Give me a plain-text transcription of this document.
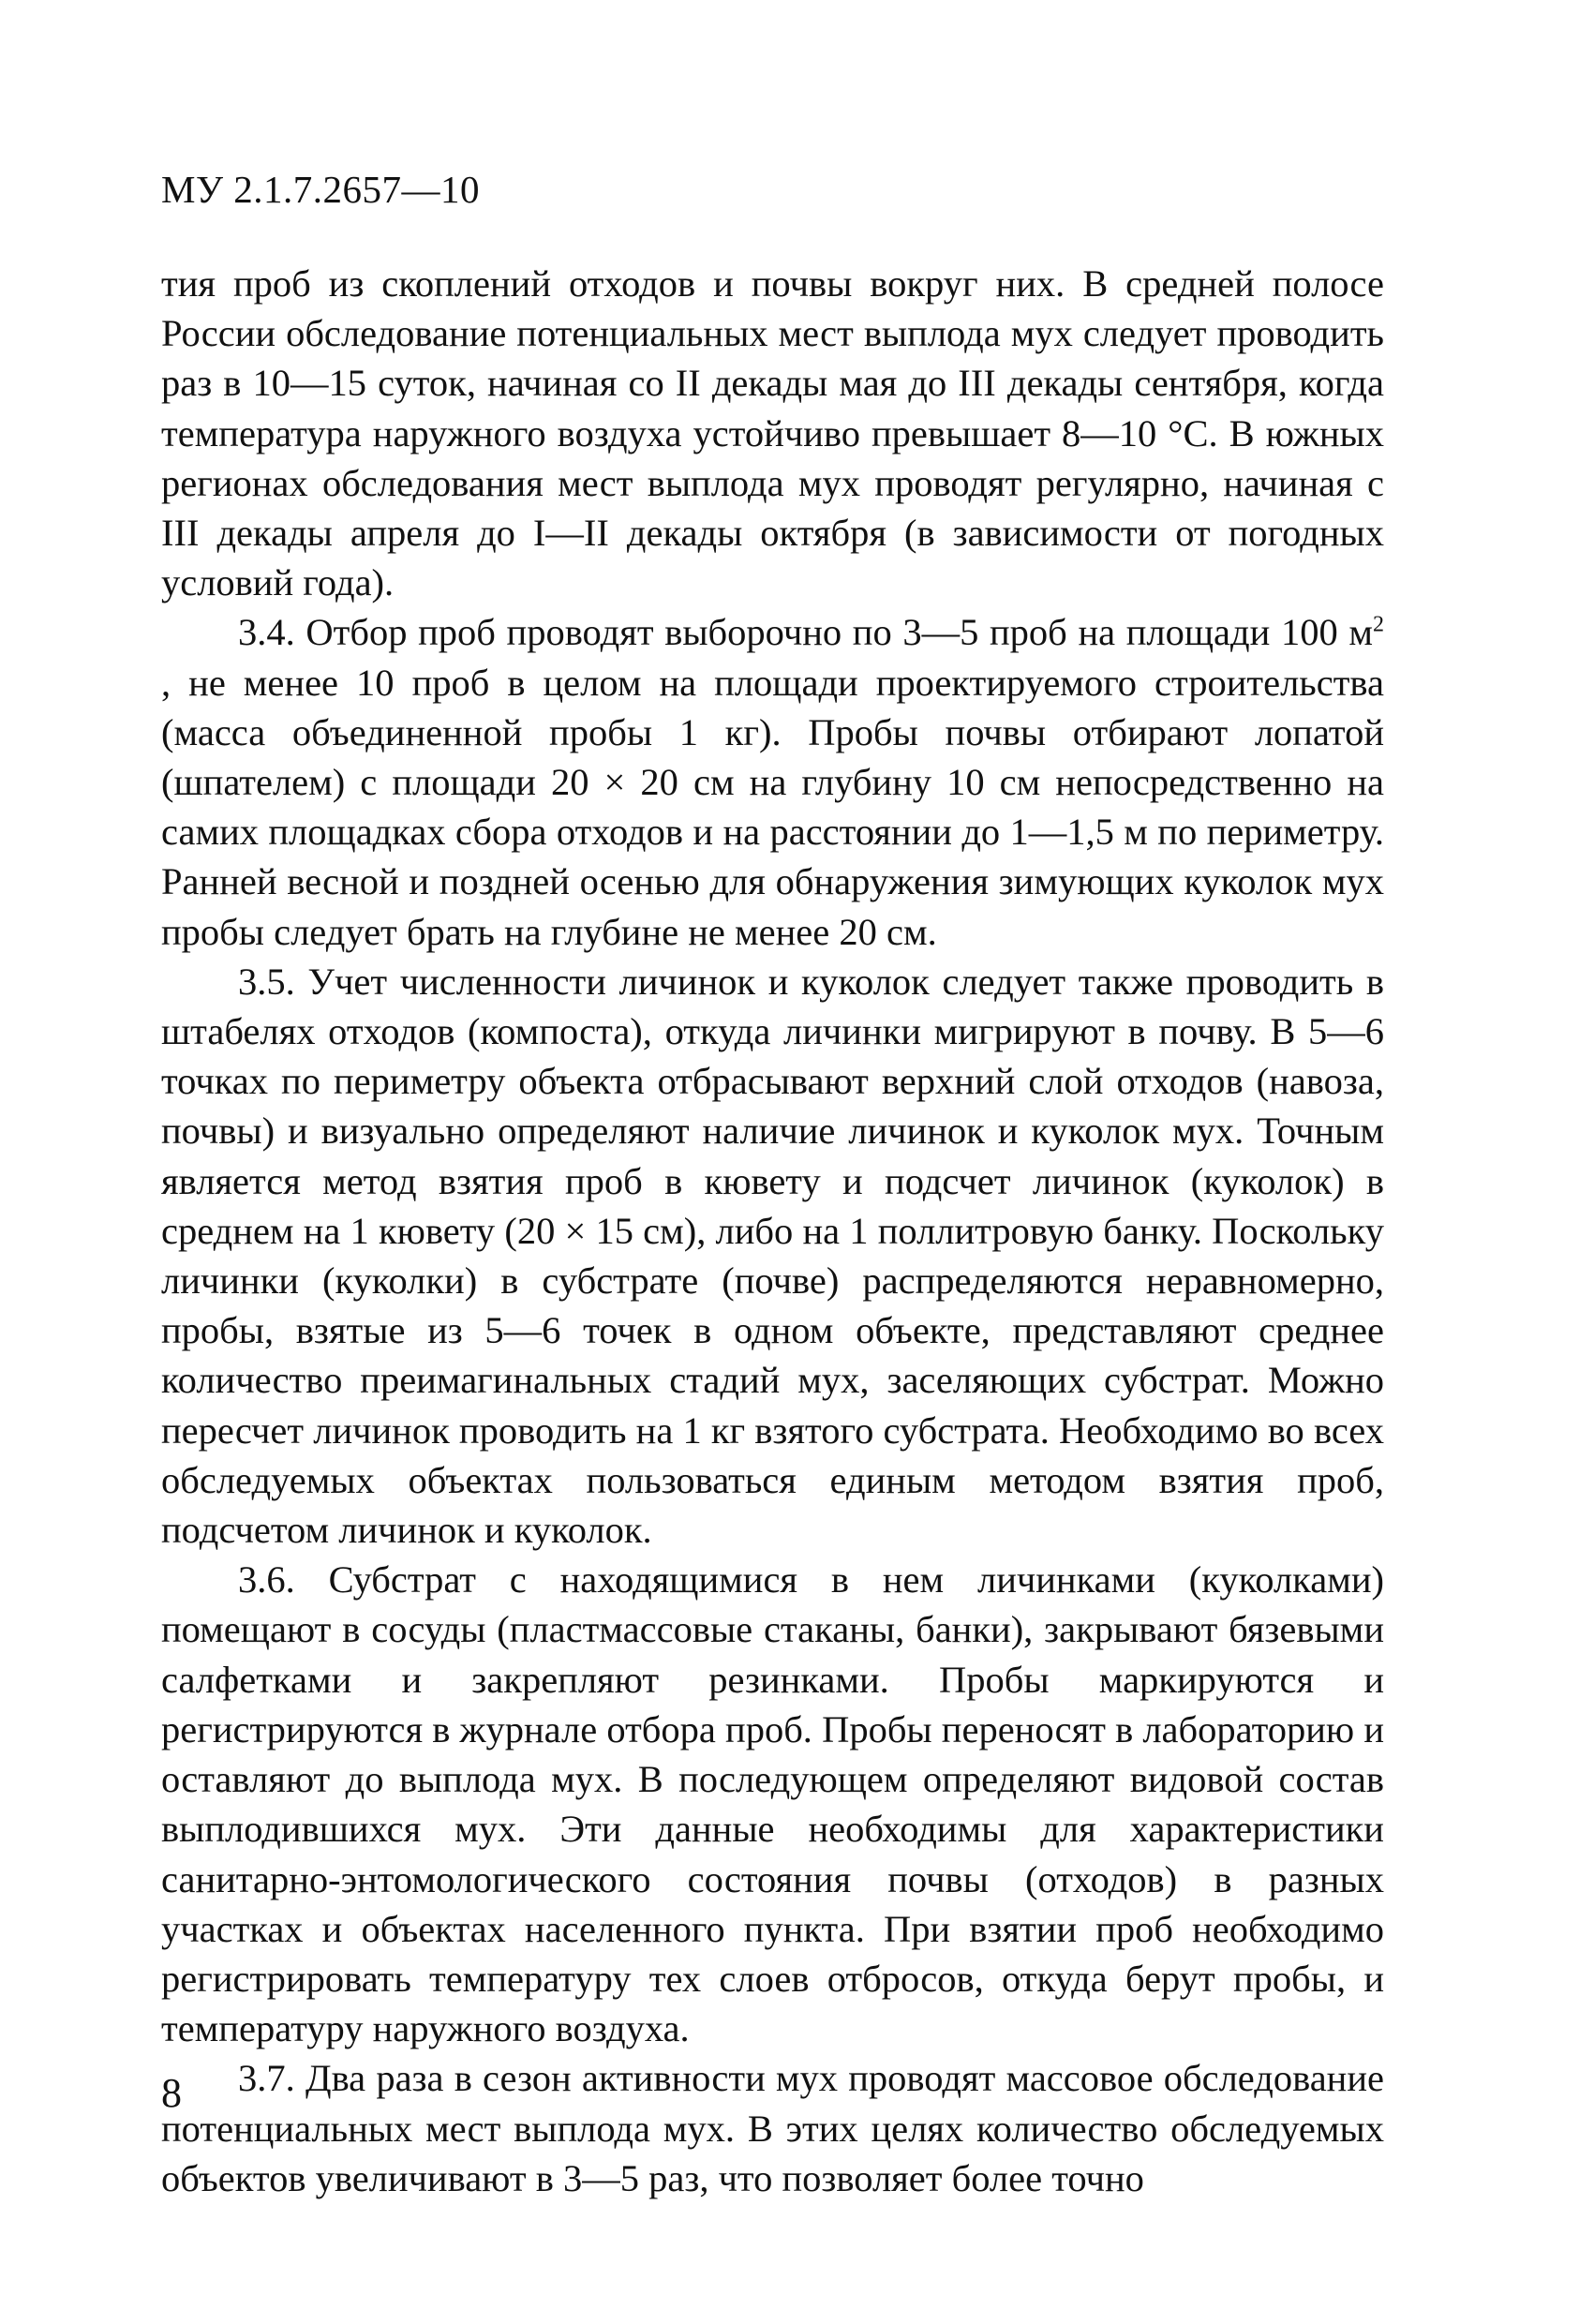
МУ 2.1.7.2657—10

тия проб из скоплений отходов и почвы вокруг них. В средней полосе России обследование потенциальных мест выплода мух следует проводить раз в 10—15 суток, начиная со II декады мая до III декады сентября, когда температура наружного воздуха устойчиво превышает 8—10 °С. В южных регионах обследования мест выплода мух проводят регулярно, начиная с III декады апреля до I—II декады октября (в зависимости от погодных условий года).

3.4. Отбор проб проводят выборочно по 3—5 проб на площади 100 $м^2$ , не менее 10 проб в целом на площади проектируемого строительства (масса объединенной пробы 1 кг). Пробы почвы отбирают лопатой (шпателем) с площади 20 × 20 см на глубину 10 см непосредственно на самих площадках сбора отходов и на расстоянии до 1—1,5 м по периметру. Ранней весной и поздней осенью для обнаружения зимующих куколок мух пробы следует брать на глубине не менее 20 см.

3.5. Учет численности личинок и куколок следует также проводить в штабелях отходов (компоста), откуда личинки мигрируют в почву. В 5—6 точках по периметру объекта отбрасывают верхний слой отходов (навоза, почвы) и визуально определяют наличие личинок и куколок мух. Точным является метод взятия проб в кювету и подсчет личинок (куколок) в среднем на 1 кювету (20 × 15 см), либо на 1 поллитровую банку. Поскольку личинки (куколки) в субстрате (почве) распределяются неравномерно, пробы, взятые из 5—6 точек в одном объекте, представляют среднее количество преимагинальных стадий мух, заселяющих субстрат. Можно пересчет личинок проводить на 1 кг взятого субстрата. Необходимо во всех обследуемых объектах пользоваться единым методом взятия проб, подсчетом личинок и куколок.

3.6. Субстрат с находящимися в нем личинками (куколками) помещают в сосуды (пластмассовые стаканы, банки), закрывают бязевыми салфетками и закрепляют резинками. Пробы маркируются и регистрируются в журнале отбора проб. Пробы переносят в лабораторию и оставляют до выплода мух. В последующем определяют видовой состав выплодившихся мух. Эти данные необходимы для характеристики санитарно-энтомологического состояния почвы (отходов) в разных участках и объектах населенного пункта. При взятии проб необходимо регистрировать температуру тех слоев отбросов, откуда берут пробы, и температуру наружного воздуха.

3.7. Два раза в сезон активности мух проводят массовое обследование потенциальных мест выплода мух. В этих целях количество обследуемых объектов увеличивают в 3—5 раз, что позволяет более точно

8
